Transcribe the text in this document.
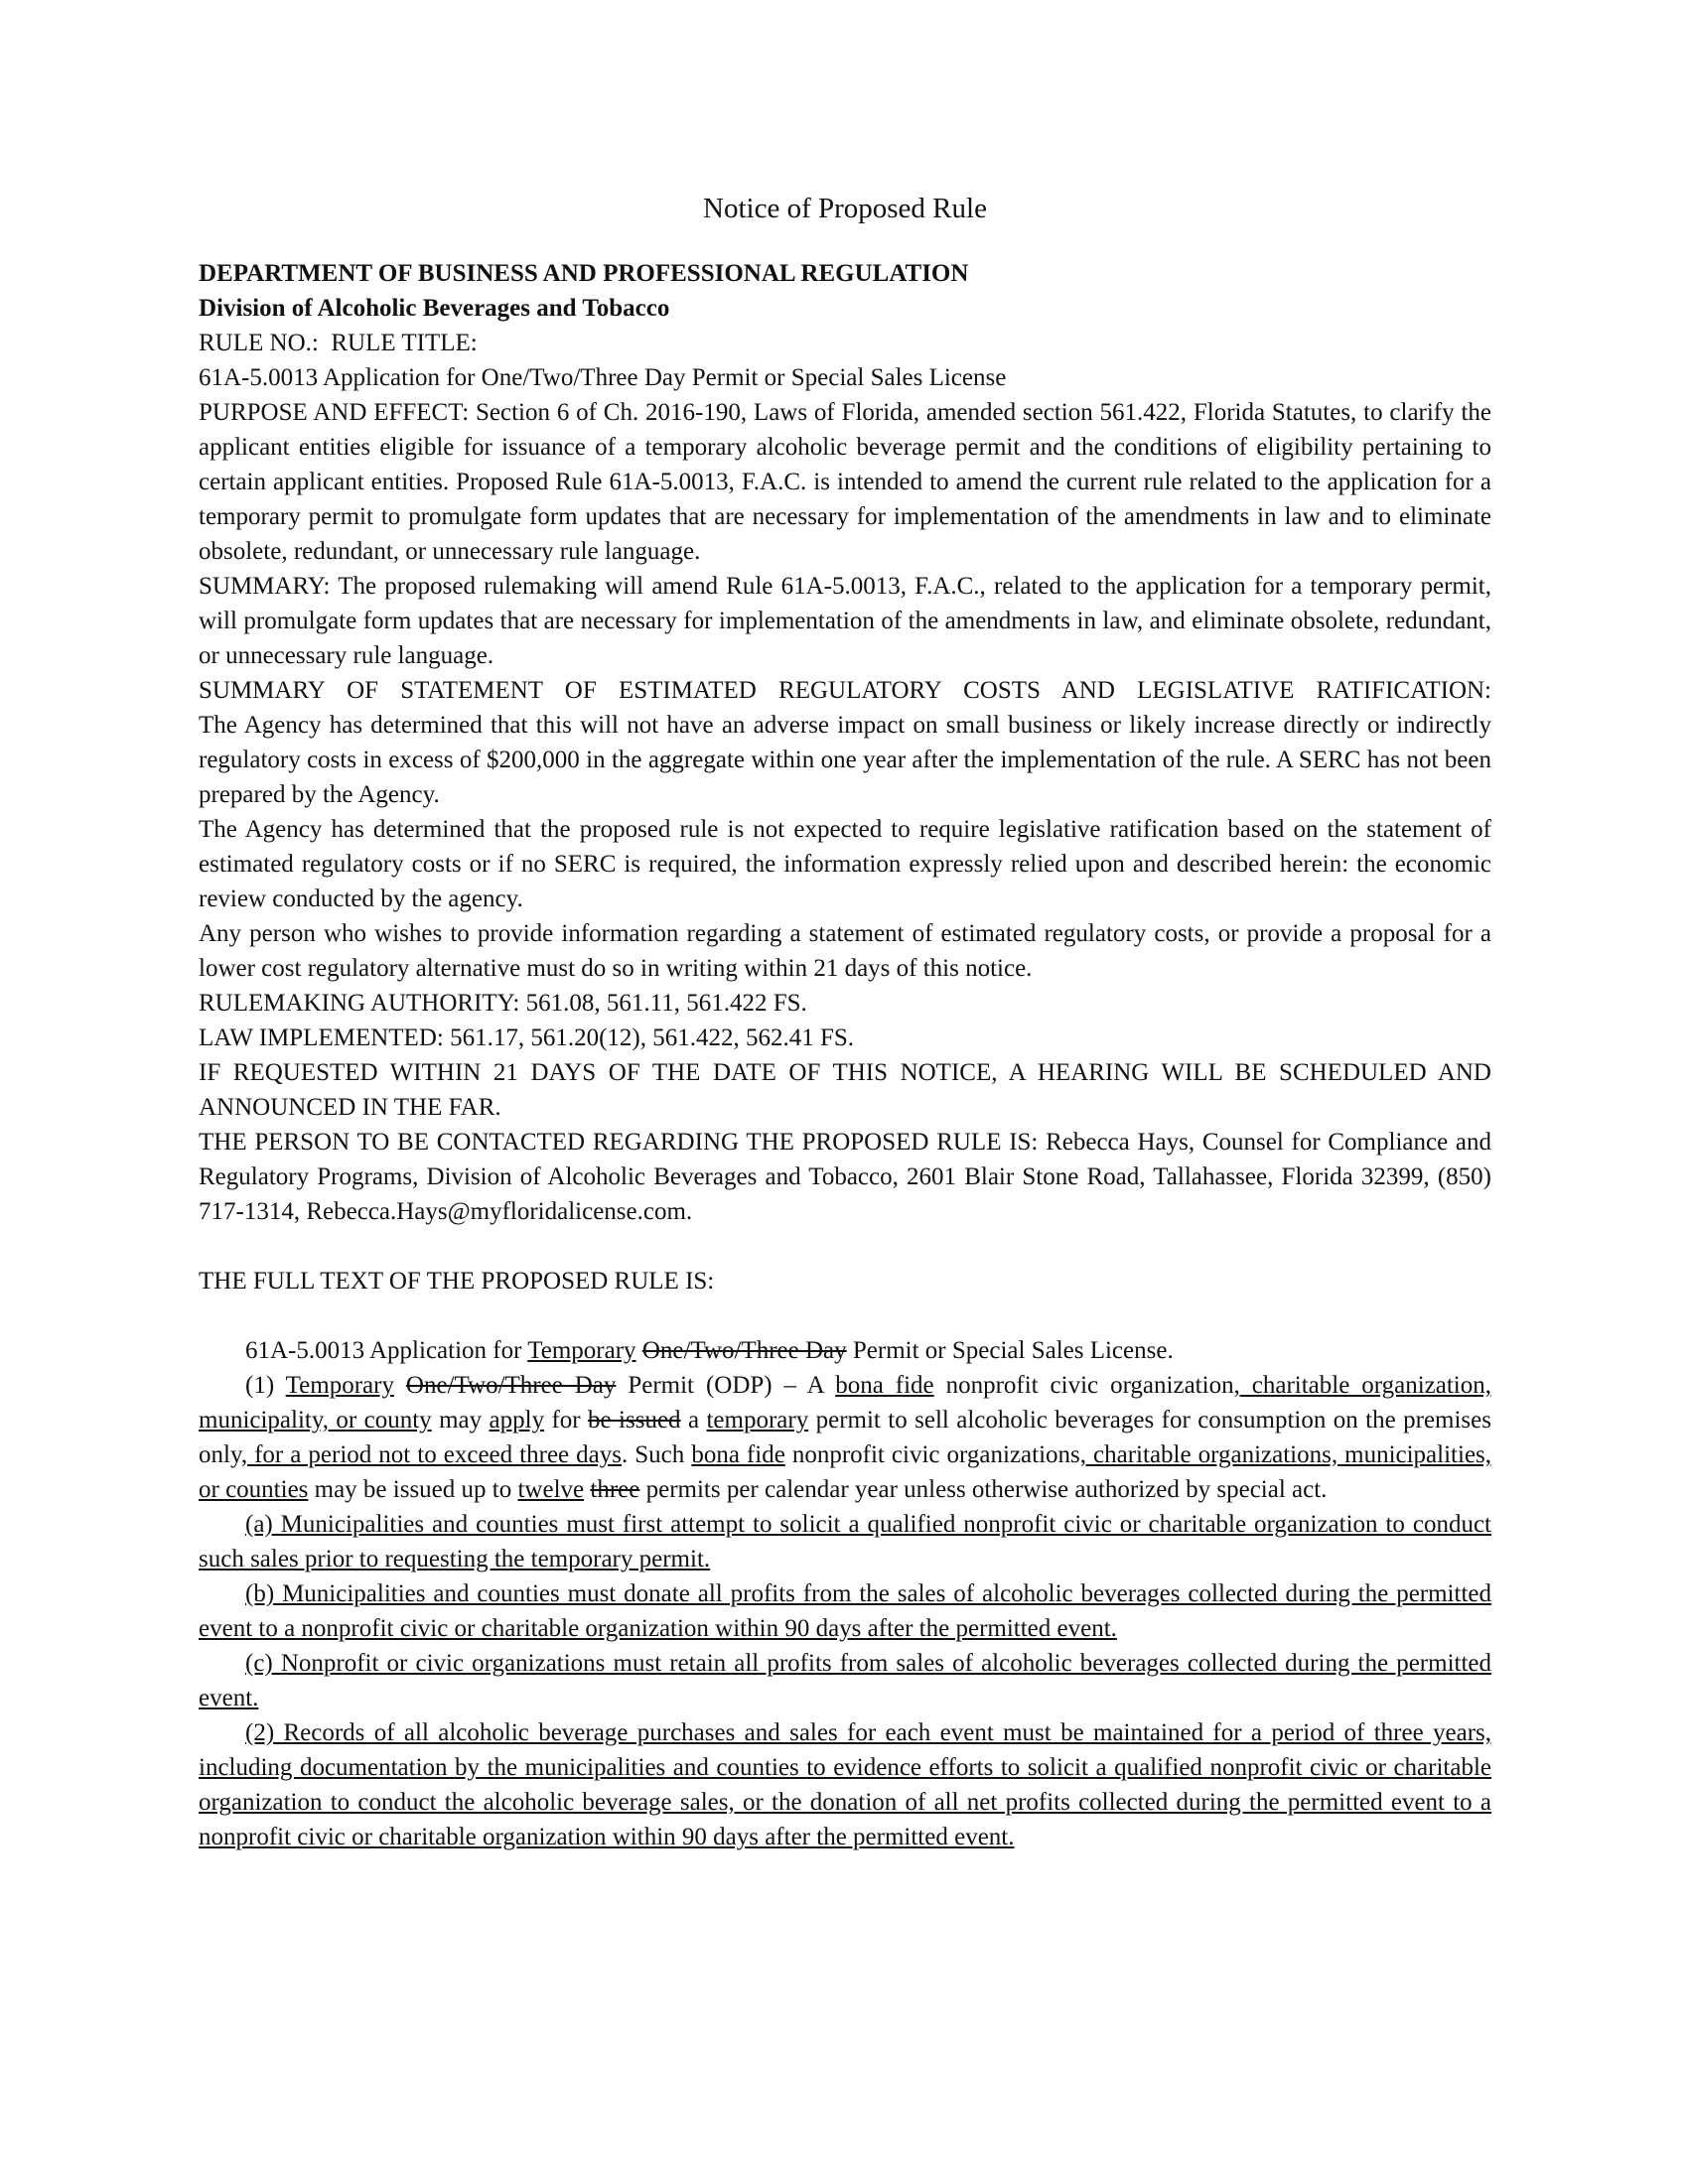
Notice of Proposed Rule

DEPARTMENT OF BUSINESS AND PROFESSIONAL REGULATION

Division of Alcoholic Beverages and Tobacco

RULE NO.: RULE TITLE:

61A-5.0013 Application for One/Two/Three Day Permit or Special Sales License

PURPOSE AND EFFECT: Section 6 of Ch. 2016-190, Laws of Florida, amended section 561.422, Florida Statutes, to clarify the applicant entities eligible for issuance of a temporary alcoholic beverage permit and the conditions of eligibility pertaining to certain applicant entities. Proposed Rule 61A-5.0013, F.A.C. is intended to amend the current rule related to the application for a temporary permit to promulgate form updates that are necessary for implementation of the amendments in law and to eliminate obsolete, redundant, or unnecessary rule language.

SUMMARY: The proposed rulemaking will amend Rule 61A-5.0013, F.A.C., related to the application for a temporary permit, will promulgate form updates that are necessary for implementation of the amendments in law, and eliminate obsolete, redundant, or unnecessary rule language.

SUMMARY OF STATEMENT OF ESTIMATED REGULATORY COSTS AND LEGISLATIVE RATIFICATION:

The Agency has determined that this will not have an adverse impact on small business or likely increase directly or indirectly regulatory costs in excess of $200,000 in the aggregate within one year after the implementation of the rule. A SERC has not been prepared by the Agency.

The Agency has determined that the proposed rule is not expected to require legislative ratification based on the statement of estimated regulatory costs or if no SERC is required, the information expressly relied upon and described herein: the economic review conducted by the agency.

Any person who wishes to provide information regarding a statement of estimated regulatory costs, or provide a proposal for a lower cost regulatory alternative must do so in writing within 21 days of this notice.

RULEMAKING AUTHORITY: 561.08, 561.11, 561.422 FS.

LAW IMPLEMENTED: 561.17, 561.20(12), 561.422, 562.41 FS.

IF REQUESTED WITHIN 21 DAYS OF THE DATE OF THIS NOTICE, A HEARING WILL BE SCHEDULED AND ANNOUNCED IN THE FAR.

THE PERSON TO BE CONTACTED REGARDING THE PROPOSED RULE IS: Rebecca Hays, Counsel for Compliance and Regulatory Programs, Division of Alcoholic Beverages and Tobacco, 2601 Blair Stone Road, Tallahassee, Florida 32399, (850) 717-1314, Rebecca.Hays@myfloridalicense.com.

THE FULL TEXT OF THE PROPOSED RULE IS:

61A-5.0013 Application for Temporary One/Two/Three Day Permit or Special Sales License.

(1) Temporary One/Two/Three Day Permit (ODP) – A bona fide nonprofit civic organization, charitable organization, municipality, or county may apply for be issued a temporary permit to sell alcoholic beverages for consumption on the premises only, for a period not to exceed three days. Such bona fide nonprofit civic organizations, charitable organizations, municipalities, or counties may be issued up to twelve three permits per calendar year unless otherwise authorized by special act.

(a) Municipalities and counties must first attempt to solicit a qualified nonprofit civic or charitable organization to conduct such sales prior to requesting the temporary permit.

(b) Municipalities and counties must donate all profits from the sales of alcoholic beverages collected during the permitted event to a nonprofit civic or charitable organization within 90 days after the permitted event.

(c) Nonprofit or civic organizations must retain all profits from sales of alcoholic beverages collected during the permitted event.

(2) Records of all alcoholic beverage purchases and sales for each event must be maintained for a period of three years, including documentation by the municipalities and counties to evidence efforts to solicit a qualified nonprofit civic or charitable organization to conduct the alcoholic beverage sales, or the donation of all net profits collected during the permitted event to a nonprofit civic or charitable organization within 90 days after the permitted event.
